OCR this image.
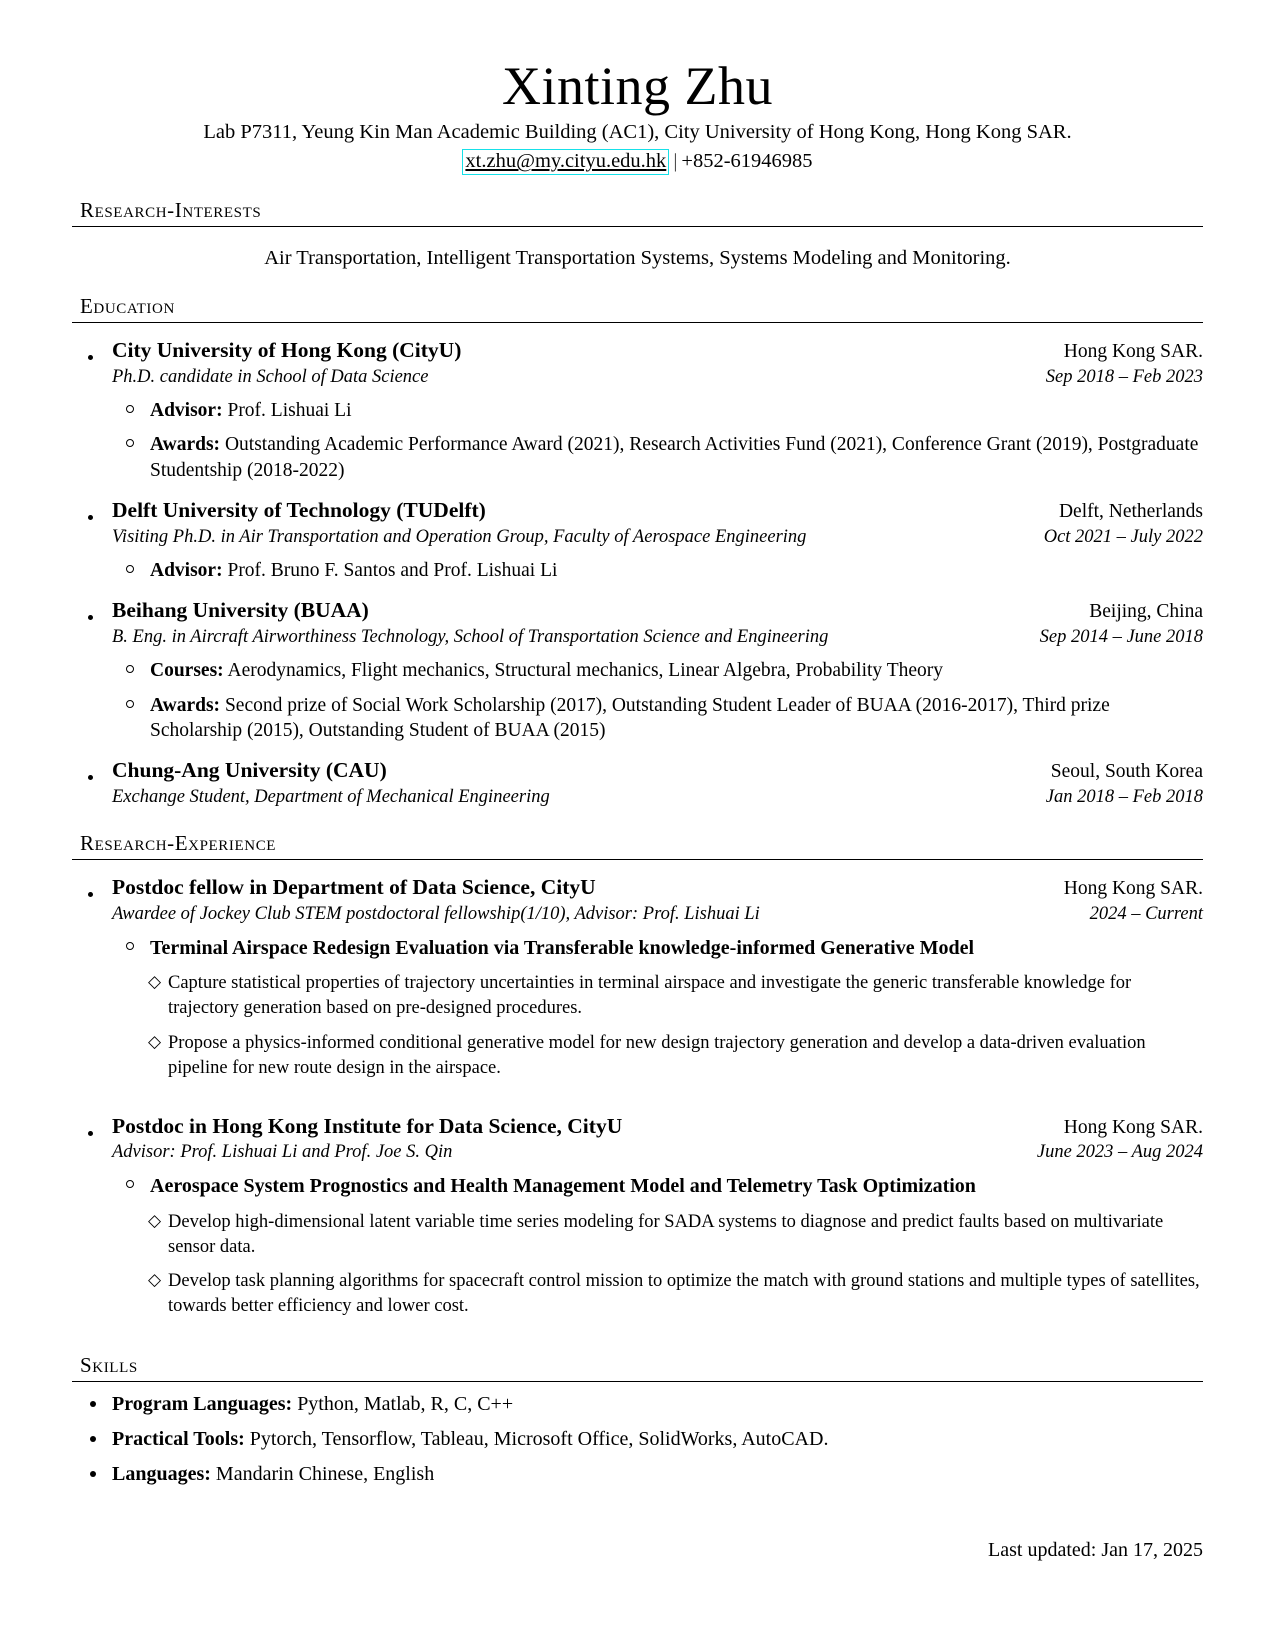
Xinting Zhu
Lab P7311, Yeung Kin Man Academic Building (AC1), City University of Hong Kong, Hong Kong SAR.
xt.zhu@my.cityu.edu.hk | +852-61946985
Research-Interests
Air Transportation, Intelligent Transportation Systems, Systems Modeling and Monitoring.
Education
City University of Hong Kong (CityU)	Hong Kong SAR.
Ph.D. candidate in School of Data Science	Sep 2018 – Feb 2023
Advisor: Prof. Lishuai Li
Awards: Outstanding Academic Performance Award (2021), Research Activities Fund (2021), Conference Grant (2019), Postgraduate Studentship (2018-2022)
Delft University of Technology (TUDelft)	Delft, Netherlands
Visiting Ph.D. in Air Transportation and Operation Group, Faculty of Aerospace Engineering	Oct 2021 – July 2022
Advisor: Prof. Bruno F. Santos and Prof. Lishuai Li
Beihang University (BUAA)	Beijing, China
B. Eng. in Aircraft Airworthiness Technology, School of Transportation Science and Engineering	Sep 2014 – June 2018
Courses: Aerodynamics, Flight mechanics, Structural mechanics, Linear Algebra, Probability Theory
Awards: Second prize of Social Work Scholarship (2017), Outstanding Student Leader of BUAA (2016-2017), Third prize Scholarship (2015), Outstanding Student of BUAA (2015)
Chung-Ang University (CAU)	Seoul, South Korea
Exchange Student, Department of Mechanical Engineering	Jan 2018 – Feb 2018
Research-Experience
Postdoc fellow in Department of Data Science, CityU	Hong Kong SAR.
Awardee of Jockey Club STEM postdoctoral fellowship(1/10), Advisor: Prof. Lishuai Li	2024 – Current
Terminal Airspace Redesign Evaluation via Transferable knowledge-informed Generative Model
◇ Capture statistical properties of trajectory uncertainties in terminal airspace and investigate the generic transferable knowledge for trajectory generation based on pre-designed procedures.
◇ Propose a physics-informed conditional generative model for new design trajectory generation and develop a data-driven evaluation pipeline for new route design in the airspace.
Postdoc in Hong Kong Institute for Data Science, CityU	Hong Kong SAR.
Advisor: Prof. Lishuai Li and Prof. Joe S. Qin	June 2023 – Aug 2024
Aerospace System Prognostics and Health Management Model and Telemetry Task Optimization
◇ Develop high-dimensional latent variable time series modeling for SADA systems to diagnose and predict faults based on multivariate sensor data.
◇ Develop task planning algorithms for spacecraft control mission to optimize the match with ground stations and multiple types of satellites, towards better efficiency and lower cost.
Skills
Program Languages: Python, Matlab, R, C, C++
Practical Tools: Pytorch, Tensorflow, Tableau, Microsoft Office, SolidWorks, AutoCAD.
Languages: Mandarin Chinese, English
Last updated: Jan 17, 2025
